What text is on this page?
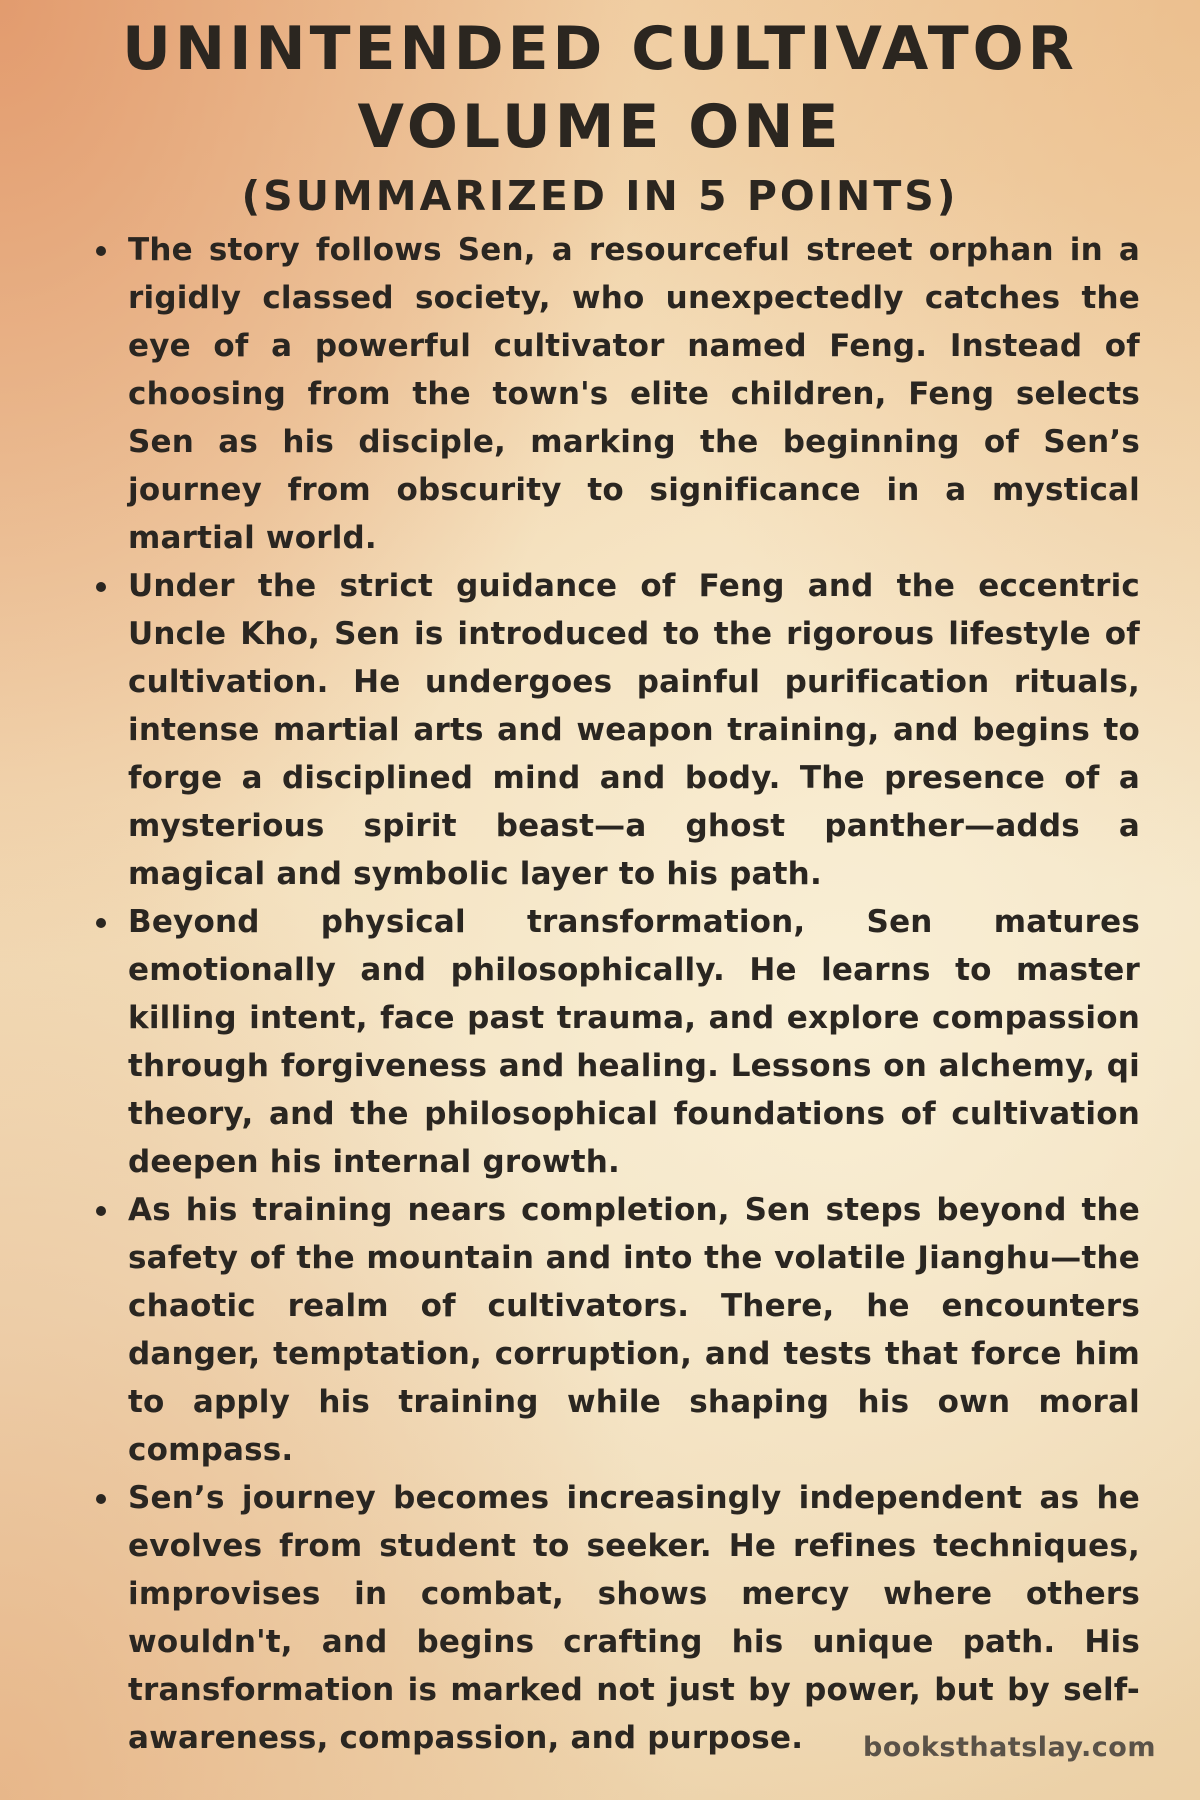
UNINTENDED CULTIVATOR
VOLUME ONE
(SUMMARIZED IN 5 POINTS)
The story follows Sen, a resourceful street orphan in a rigidly classed society, who unexpectedly catches the eye of a powerful cultivator named Feng. Instead of choosing from the town's elite children, Feng selects Sen as his disciple, marking the beginning of Sen’s journey from obscurity to significance in a mystical martial world.
Under the strict guidance of Feng and the eccentric Uncle Kho, Sen is introduced to the rigorous lifestyle of cultivation. He undergoes painful purification rituals, intense martial arts and weapon training, and begins to forge a disciplined mind and body. The presence of a mysterious spirit beast—a ghost panther—adds a magical and symbolic layer to his path.
Beyond physical transformation, Sen matures emotionally and philosophically. He learns to master killing intent, face past trauma, and explore compassion through forgiveness and healing. Lessons on alchemy, qi theory, and the philosophical foundations of cultivation deepen his internal growth.
As his training nears completion, Sen steps beyond the safety of the mountain and into the volatile Jianghu—the chaotic realm of cultivators. There, he encounters danger, temptation, corruption, and tests that force him to apply his training while shaping his own moral compass.
Sen’s journey becomes increasingly independent as he evolves from student to seeker. He refines techniques, improvises in combat, shows mercy where others wouldn't, and begins crafting his unique path. His transformation is marked not just by power, but by self-awareness, compassion, and purpose.	booksthatslay.com
